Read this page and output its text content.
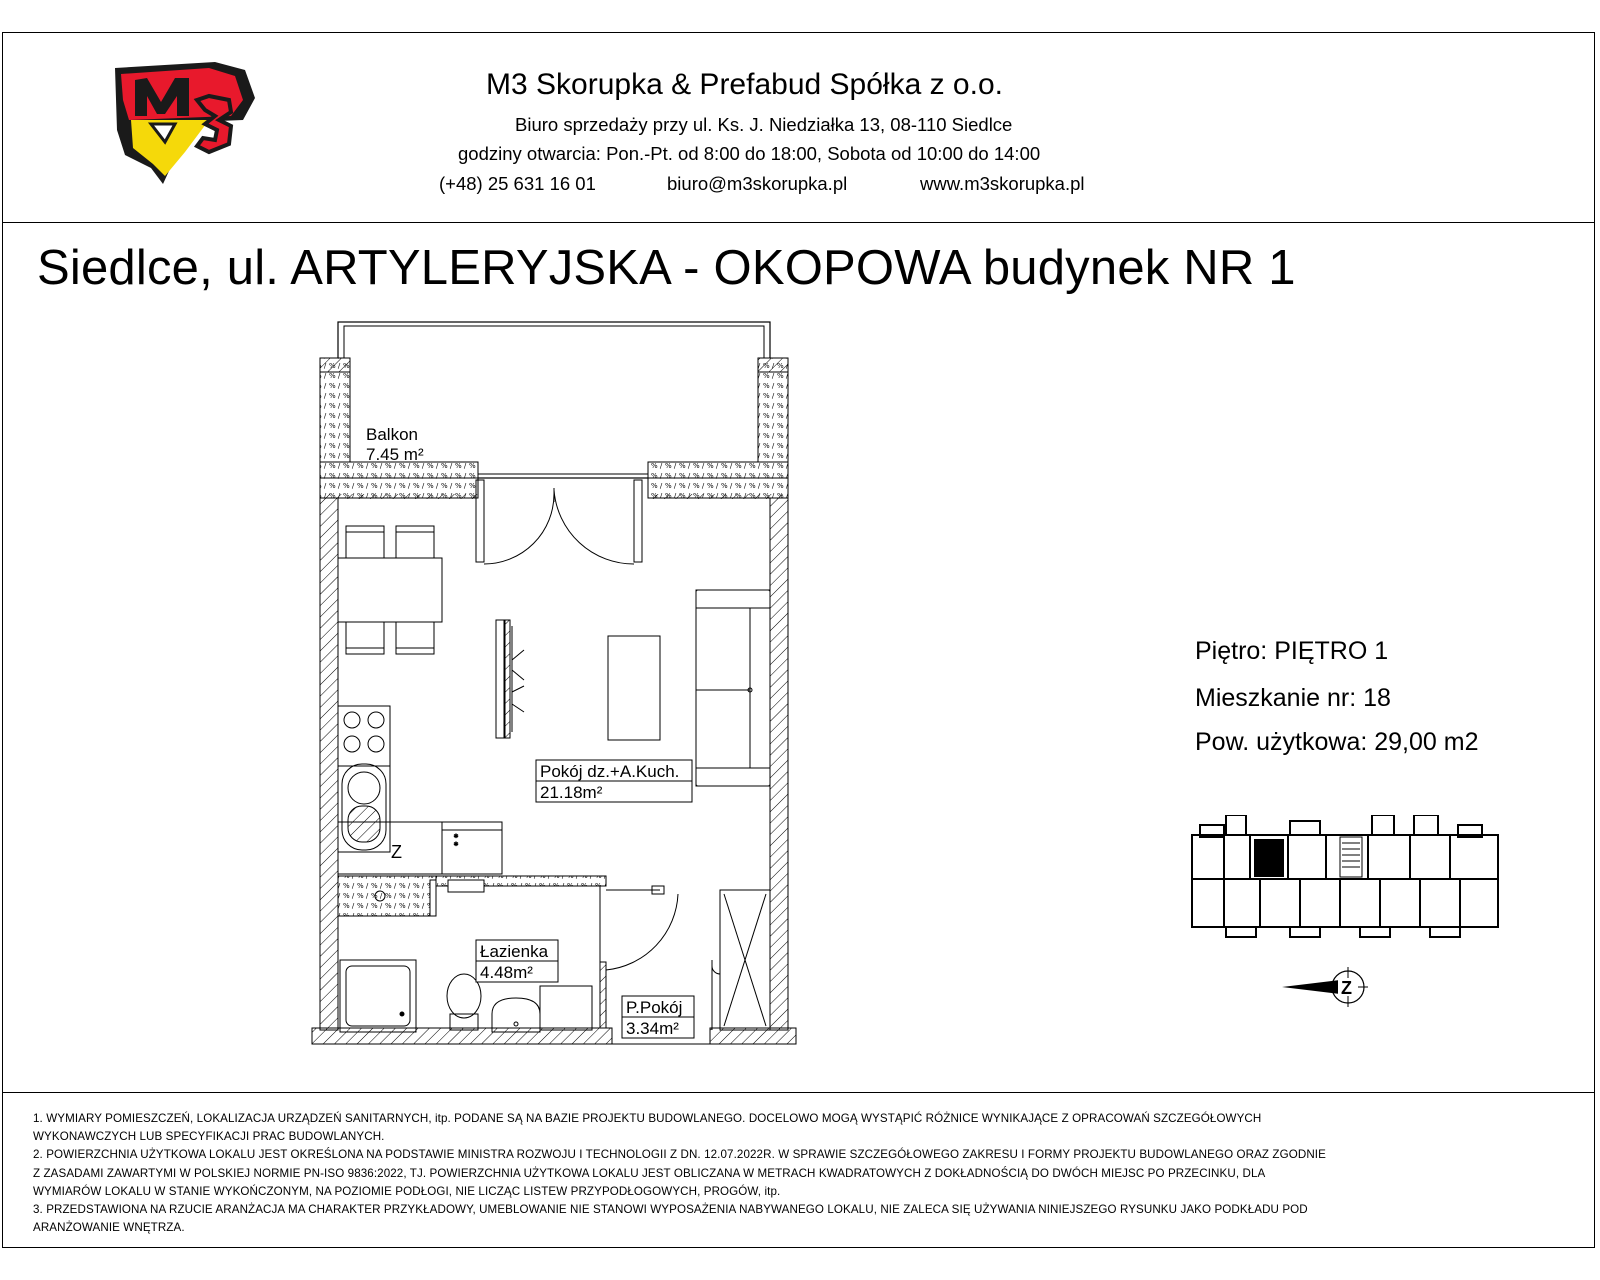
M3 Skorupka & Prefabud Spółka z o.o.
Biuro sprzedaży przy ul. Ks. J. Niedziałka 13, 08-110 Siedlce
godziny otwarcia: Pon.-Pt. od 8:00 do 18:00, Sobota od 10:00 do 14:00
(+48) 25 631 16 01	biuro@m3skorupka.pl	www.m3skorupka.pl
Siedlce, ul. ARTYLERYJSKA - OKOPOWA budynek NR 1
Piętro: PIĘTRO 1
Mieszkanie nr: 18
Pow. użytkowa: 29,00 m2
*
*
Z
Balkon
7.45 m²
Pokój dz.+A.Kuch.
21.18m²
Łazienka
4.48m²
P.Pokój
3.34m²
Z
1. WYMIARY POMIESZCZEŃ, LOKALIZACJA URZĄDZEŃ SANITARNYCH, itp. PODANE SĄ NA BAZIE PROJEKTU BUDOWLANEGO. DOCELOWO MOGĄ WYSTĄPIĆ RÓŻNICE WYNIKAJĄCE Z OPRACOWAŃ SZCZEGÓŁOWYCH
WYKONAWCZYCH LUB SPECYFIKACJI PRAC BUDOWLANYCH.
2. POWIERZCHNIA UŻYTKOWA LOKALU JEST OKREŚLONA NA PODSTAWIE MINISTRA ROZWOJU I TECHNOLOGII Z DN. 12.07.2022R. W SPRAWIE SZCZEGÓŁOWEGO ZAKRESU I FORMY PROJEKTU BUDOWLANEGO ORAZ ZGODNIE
Z ZASADAMI ZAWARTYMI W POLSKIEJ NORMIE PN-ISO 9836:2022, TJ. POWIERZCHNIA UŻYTKOWA LOKALU JEST OBLICZANA W METRACH KWADRATOWYCH Z DOKŁADNOŚCIĄ DO DWÓCH MIEJSC PO PRZECINKU, DLA
WYMIARÓW LOKALU W STANIE WYKOŃCZONYM, NA POZIOMIE PODŁOGI, NIE LICZĄC LISTEW PRZYPODŁOGOWYCH, PROGÓW, itp.
3. PRZEDSTAWIONA NA RZUCIE ARANŻACJA MA CHARAKTER PRZYKŁADOWY, UMEBLOWANIE NIE STANOWI WYPOSAŻENIA NABYWANEGO LOKALU, NIE ZALECA SIĘ UŻYWANIA NINIEJSZEGO RYSUNKU JAKO PODKŁADU POD
ARANŻOWANIE WNĘTRZA.
